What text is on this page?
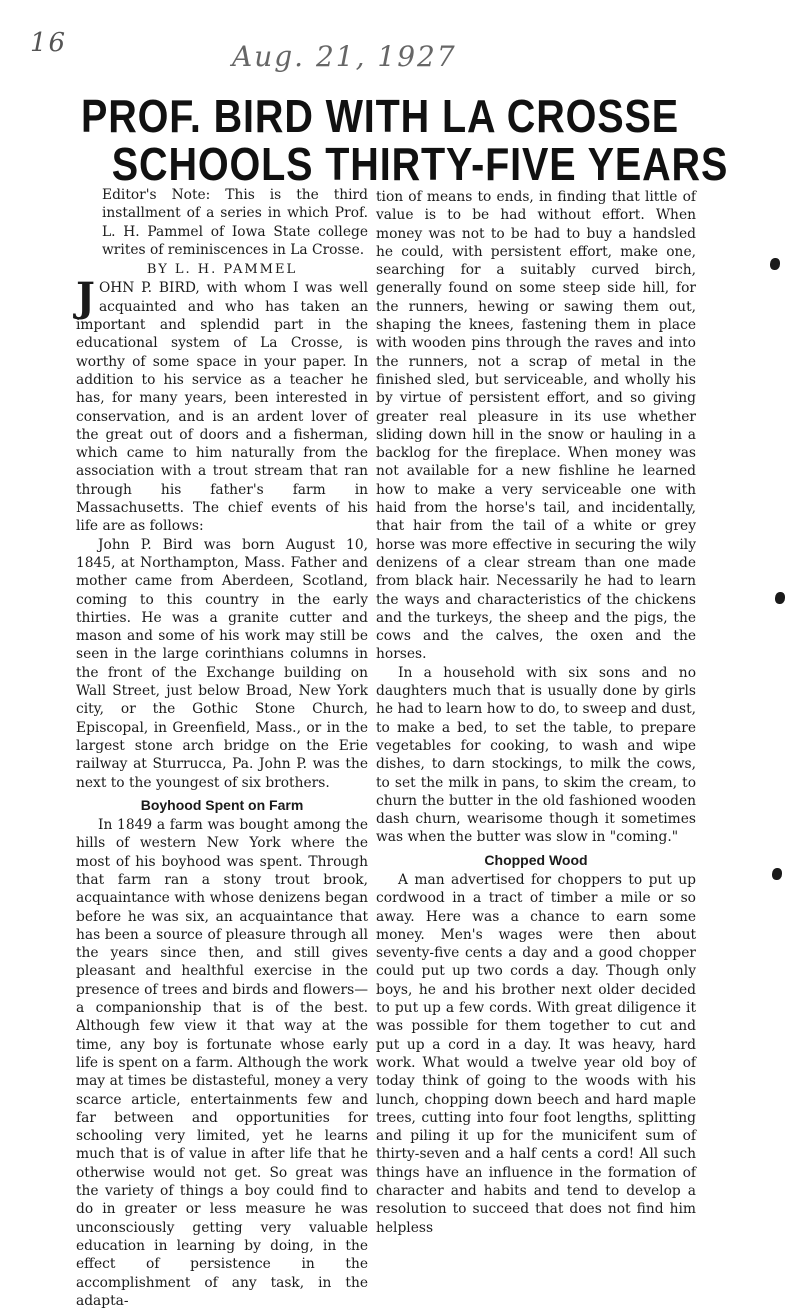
16	Aug. 21, 1927
PROF. BIRD WITH LA CROSSE
SCHOOLS THIRTY-FIVE YEARS

Editor's Note: This is the third installment of a series in which Prof. L. H. Pammel of Iowa State college writes of reminiscences in La Crosse.

BY L. H. PAMMEL

JOHN P. BIRD, with whom I was well acquainted and who has taken an important and splendid part in the educational system of La Crosse, is worthy of some space in your paper. In addition to his service as a teacher he has, for many years, been interested in conservation, and is an ardent lover of the great out of doors and a fisherman, which came to him naturally from the association with a trout stream that ran through his father's farm in Massachusetts. The chief events of his life are as follows:

John P. Bird was born August 10, 1845, at Northampton, Mass. Father and mother came from Aberdeen, Scotland, coming to this country in the early thirties. He was a granite cutter and mason and some of his work may still be seen in the large corinthians columns in the front of the Exchange building on Wall Street, just below Broad, New York city, or the Gothic Stone Church, Episcopal, in Greenfield, Mass., or in the largest stone arch bridge on the Erie railway at Sturrucca, Pa. John P. was the next to the youngest of six brothers.

Boyhood Spent on Farm

In 1849 a farm was bought among the hills of western New York where the most of his boyhood was spent. Through that farm ran a stony trout brook, acquaintance with whose denizens began before he was six, an acquaintance that has been a source of pleasure through all the years since then, and still gives pleasant and healthful exercise in the presence of trees and birds and flowers—a companionship that is of the best. Although few view it that way at the time, any boy is fortunate whose early life is spent on a farm. Although the work may at times be distasteful, money a very scarce article, entertainments few and far between and opportunities for schooling very limited, yet he learns much that is of value in after life that he otherwise would not get. So great was the variety of things a boy could find to do in greater or less measure he was unconsciously getting very valuable education in learning by doing, in the effect of persistence in the accomplishment of any task, in the adapta-

tion of means to ends, in finding that little of value is to be had without effort. When money was not to be had to buy a handsled he could, with persistent effort, make one, searching for a suitably curved birch, generally found on some steep side hill, for the runners, hewing or sawing them out, shaping the knees, fastening them in place with wooden pins through the raves and into the runners, not a scrap of metal in the finished sled, but serviceable, and wholly his by virtue of persistent effort, and so giving greater real pleasure in its use whether sliding down hill in the snow or hauling in a backlog for the fireplace. When money was not available for a new fishline he learned how to make a very serviceable one with haid from the horse's tail, and incidentally, that hair from the tail of a white or grey horse was more effective in securing the wily denizens of a clear stream than one made from black hair. Necessarily he had to learn the ways and characteristics of the chickens and the turkeys, the sheep and the pigs, the cows and the calves, the oxen and the horses.

In a household with six sons and no daughters much that is usually done by girls he had to learn how to do, to sweep and dust, to make a bed, to set the table, to prepare vegetables for cooking, to wash and wipe dishes, to darn stockings, to milk the cows, to set the milk in pans, to skim the cream, to churn the butter in the old fashioned wooden dash churn, wearisome though it sometimes was when the butter was slow in "coming."

Chopped Wood

A man advertised for choppers to put up cordwood in a tract of timber a mile or so away. Here was a chance to earn some money. Men's wages were then about seventy-five cents a day and a good chopper could put up two cords a day. Though only boys, he and his brother next older decided to put up a few cords. With great diligence it was possible for them together to cut and put up a cord in a day. It was heavy, hard work. What would a twelve year old boy of today think of going to the woods with his lunch, chopping down beech and hard maple trees, cutting into four foot lengths, splitting and piling it up for the municifent sum of thirty-seven and a half cents a cord! All such things have an influence in the formation of character and habits and tend to develop a resolution to succeed that does not find him helpless
